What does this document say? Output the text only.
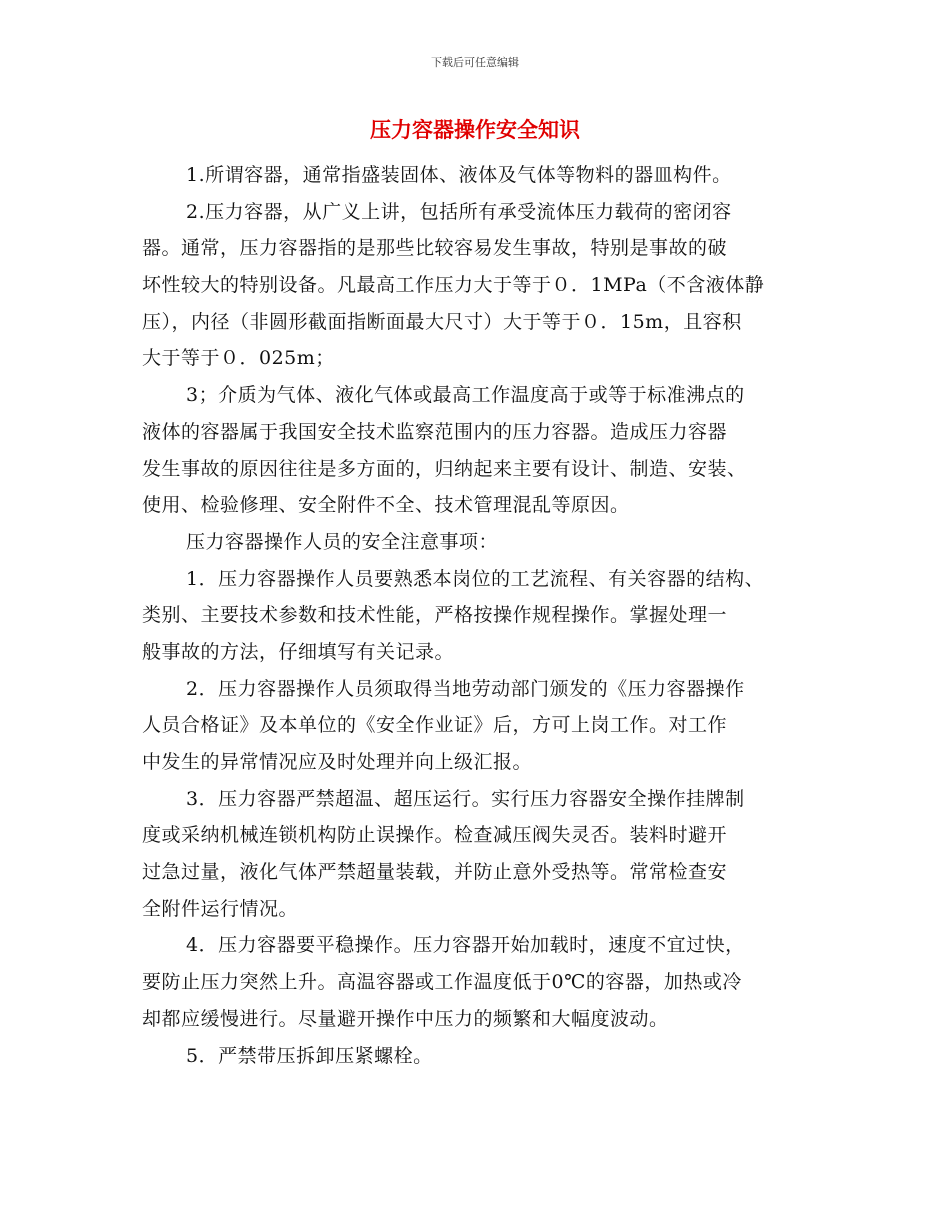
下载后可任意编辑
压力容器操作安全知识
1.所谓容器，通常指盛装固体、液体及气体等物料的器皿构件。
2.压力容器，从广义上讲，包括所有承受流体压力载荷的密闭容
器。通常，压力容器指的是那些比较容易发生事故，特别是事故的破
坏性较大的特别设备。凡最高工作压力大于等于０．1MPa（不含液体静
压），内径（非圆形截面指断面最大尺寸）大于等于０．15m，且容积
大于等于０．025m；
3；介质为气体、液化气体或最高工作温度高于或等于标准沸点的
液体的容器属于我国安全技术监察范围内的压力容器。造成压力容器
发生事故的原因往往是多方面的，归纳起来主要有设计、制造、安装、
使用、检验修理、安全附件不全、技术管理混乱等原因。
压力容器操作人员的安全注意事项：
1．压力容器操作人员要熟悉本岗位的工艺流程、有关容器的结构、
类别、主要技术参数和技术性能，严格按操作规程操作。掌握处理一
般事故的方法，仔细填写有关记录。
2．压力容器操作人员须取得当地劳动部门颁发的《压力容器操作
人员合格证》及本单位的《安全作业证》后，方可上岗工作。对工作
中发生的异常情况应及时处理并向上级汇报。
3．压力容器严禁超温、超压运行。实行压力容器安全操作挂牌制
度或采纳机械连锁机构防止误操作。检查减压阀失灵否。装料时避开
过急过量，液化气体严禁超量装载，并防止意外受热等。常常检查安
全附件运行情况。
4．压力容器要平稳操作。压力容器开始加载时，速度不宜过快，
要防止压力突然上升。高温容器或工作温度低于0℃的容器，加热或冷
却都应缓慢进行。尽量避开操作中压力的频繁和大幅度波动。
5．严禁带压拆卸压紧螺栓。
